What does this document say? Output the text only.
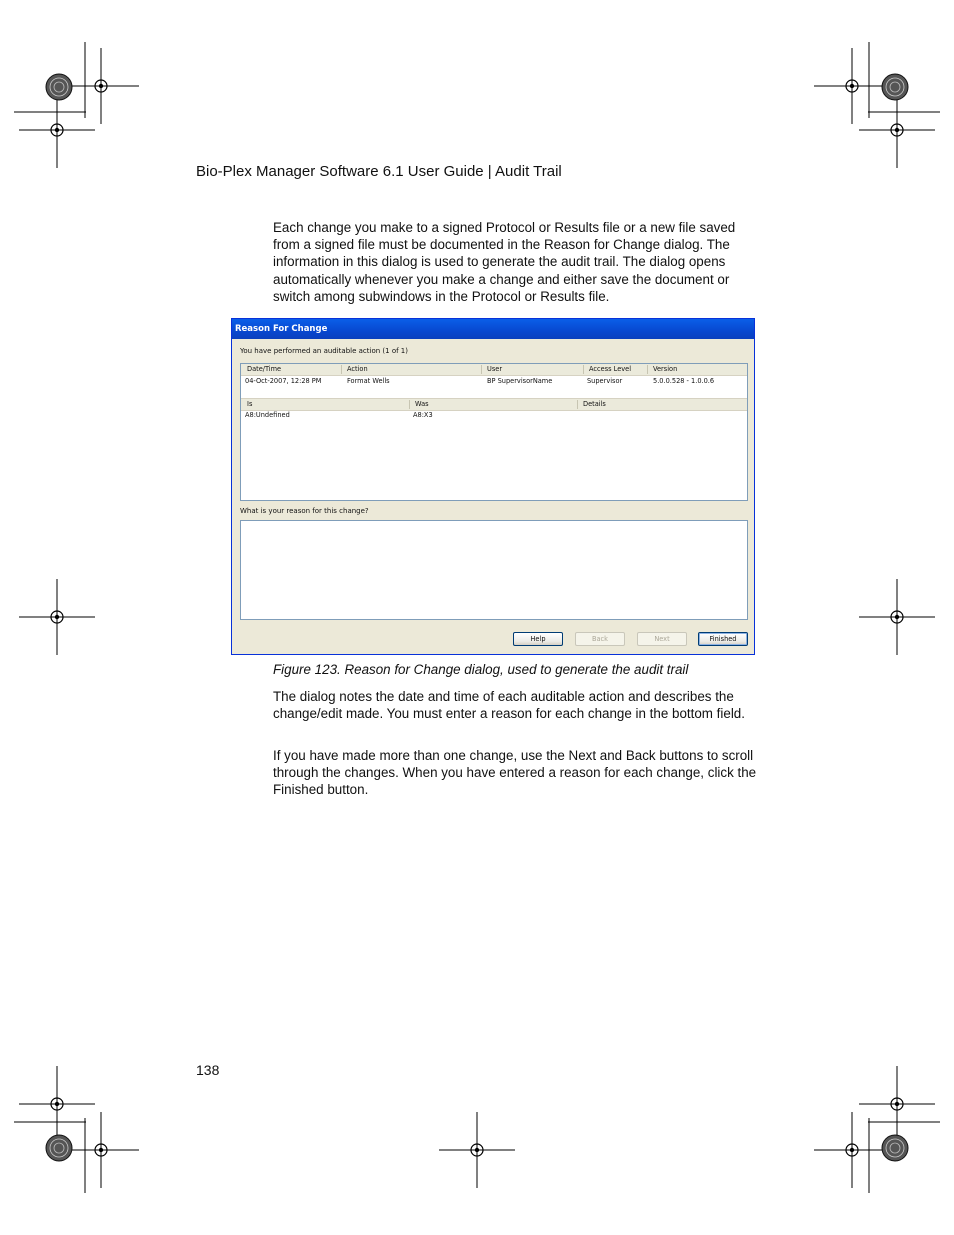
Bio-Plex Manager Software 6.1 User Guide | Audit Trail

Each change you make to a signed Protocol or Results file or a new file saved from a signed file must be documented in the Reason for Change dialog. The information in this dialog is used to generate the audit trail. The dialog opens automatically whenever you make a change and either save the document or switch among subwindows in the Protocol or Results file.

Reason For Change
You have performed an auditable action (1 of 1)
Date/Time	Action	User	Access Level	Version
04-Oct-2007, 12:28 PM	Format Wells	BP SupervisorName	Supervisor	5.0.0.528 - 1.0.0.6
Is	Was	Details
A8:Undefined	A8:X3
What is your reason for this change?
Help	Back	Next	Finished
Figure 123. Reason for Change dialog, used to generate the audit trail

The dialog notes the date and time of each auditable action and describes the change/edit made. You must enter a reason for each change in the bottom field.

If you have made more than one change, use the Next and Back buttons to scroll through the changes. When you have entered a reason for each change, click the Finished button.

138
